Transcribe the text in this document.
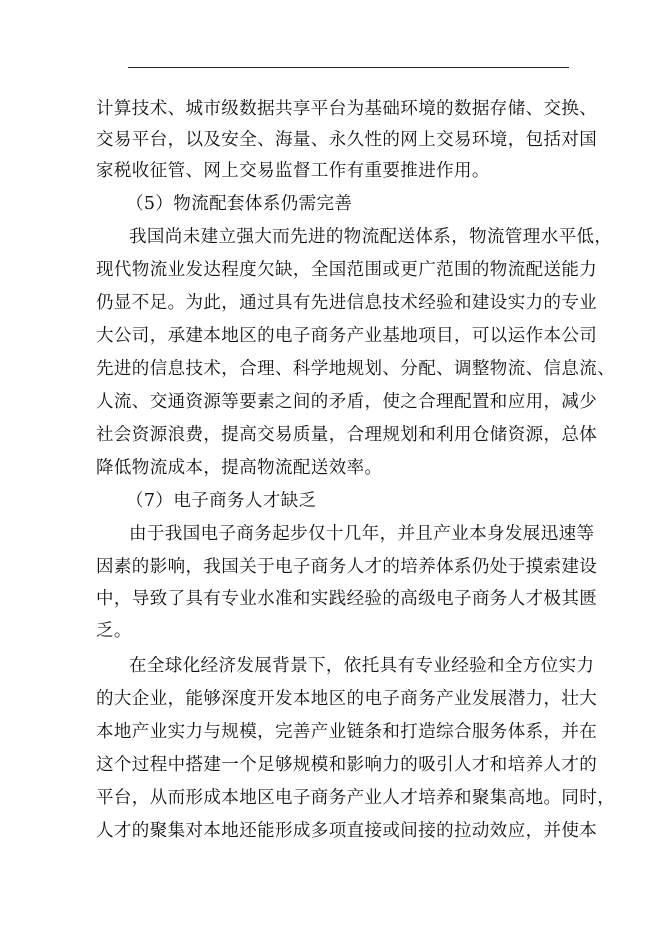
计算技术、城市级数据共享平台为基础环境的数据存储、交换、
交易平台，以及安全、海量、永久性的网上交易环境，包括对国
家税收征管、网上交易监督工作有重要推进作用。
（5）物流配套体系仍需完善
我国尚未建立强大而先进的物流配送体系，物流管理水平低，
现代物流业发达程度欠缺，全国范围或更广范围的物流配送能力
仍显不足。为此，通过具有先进信息技术经验和建设实力的专业
大公司，承建本地区的电子商务产业基地项目，可以运作本公司
先进的信息技术，合理、科学地规划、分配、调整物流、信息流、
人流、交通资源等要素之间的矛盾，使之合理配置和应用，减少
社会资源浪费，提高交易质量，合理规划和利用仓储资源，总体
降低物流成本，提高物流配送效率。
（7）电子商务人才缺乏
由于我国电子商务起步仅十几年，并且产业本身发展迅速等
因素的影响，我国关于电子商务人才的培养体系仍处于摸索建设
中，导致了具有专业水准和实践经验的高级电子商务人才极其匮
乏。
在全球化经济发展背景下，依托具有专业经验和全方位实力
的大企业，能够深度开发本地区的电子商务产业发展潜力，壮大
本地产业实力与规模，完善产业链条和打造综合服务体系，并在
这个过程中搭建一个足够规模和影响力的吸引人才和培养人才的
平台，从而形成本地区电子商务产业人才培养和聚集高地。同时，
人才的聚集对本地还能形成多项直接或间接的拉动效应，并使本
